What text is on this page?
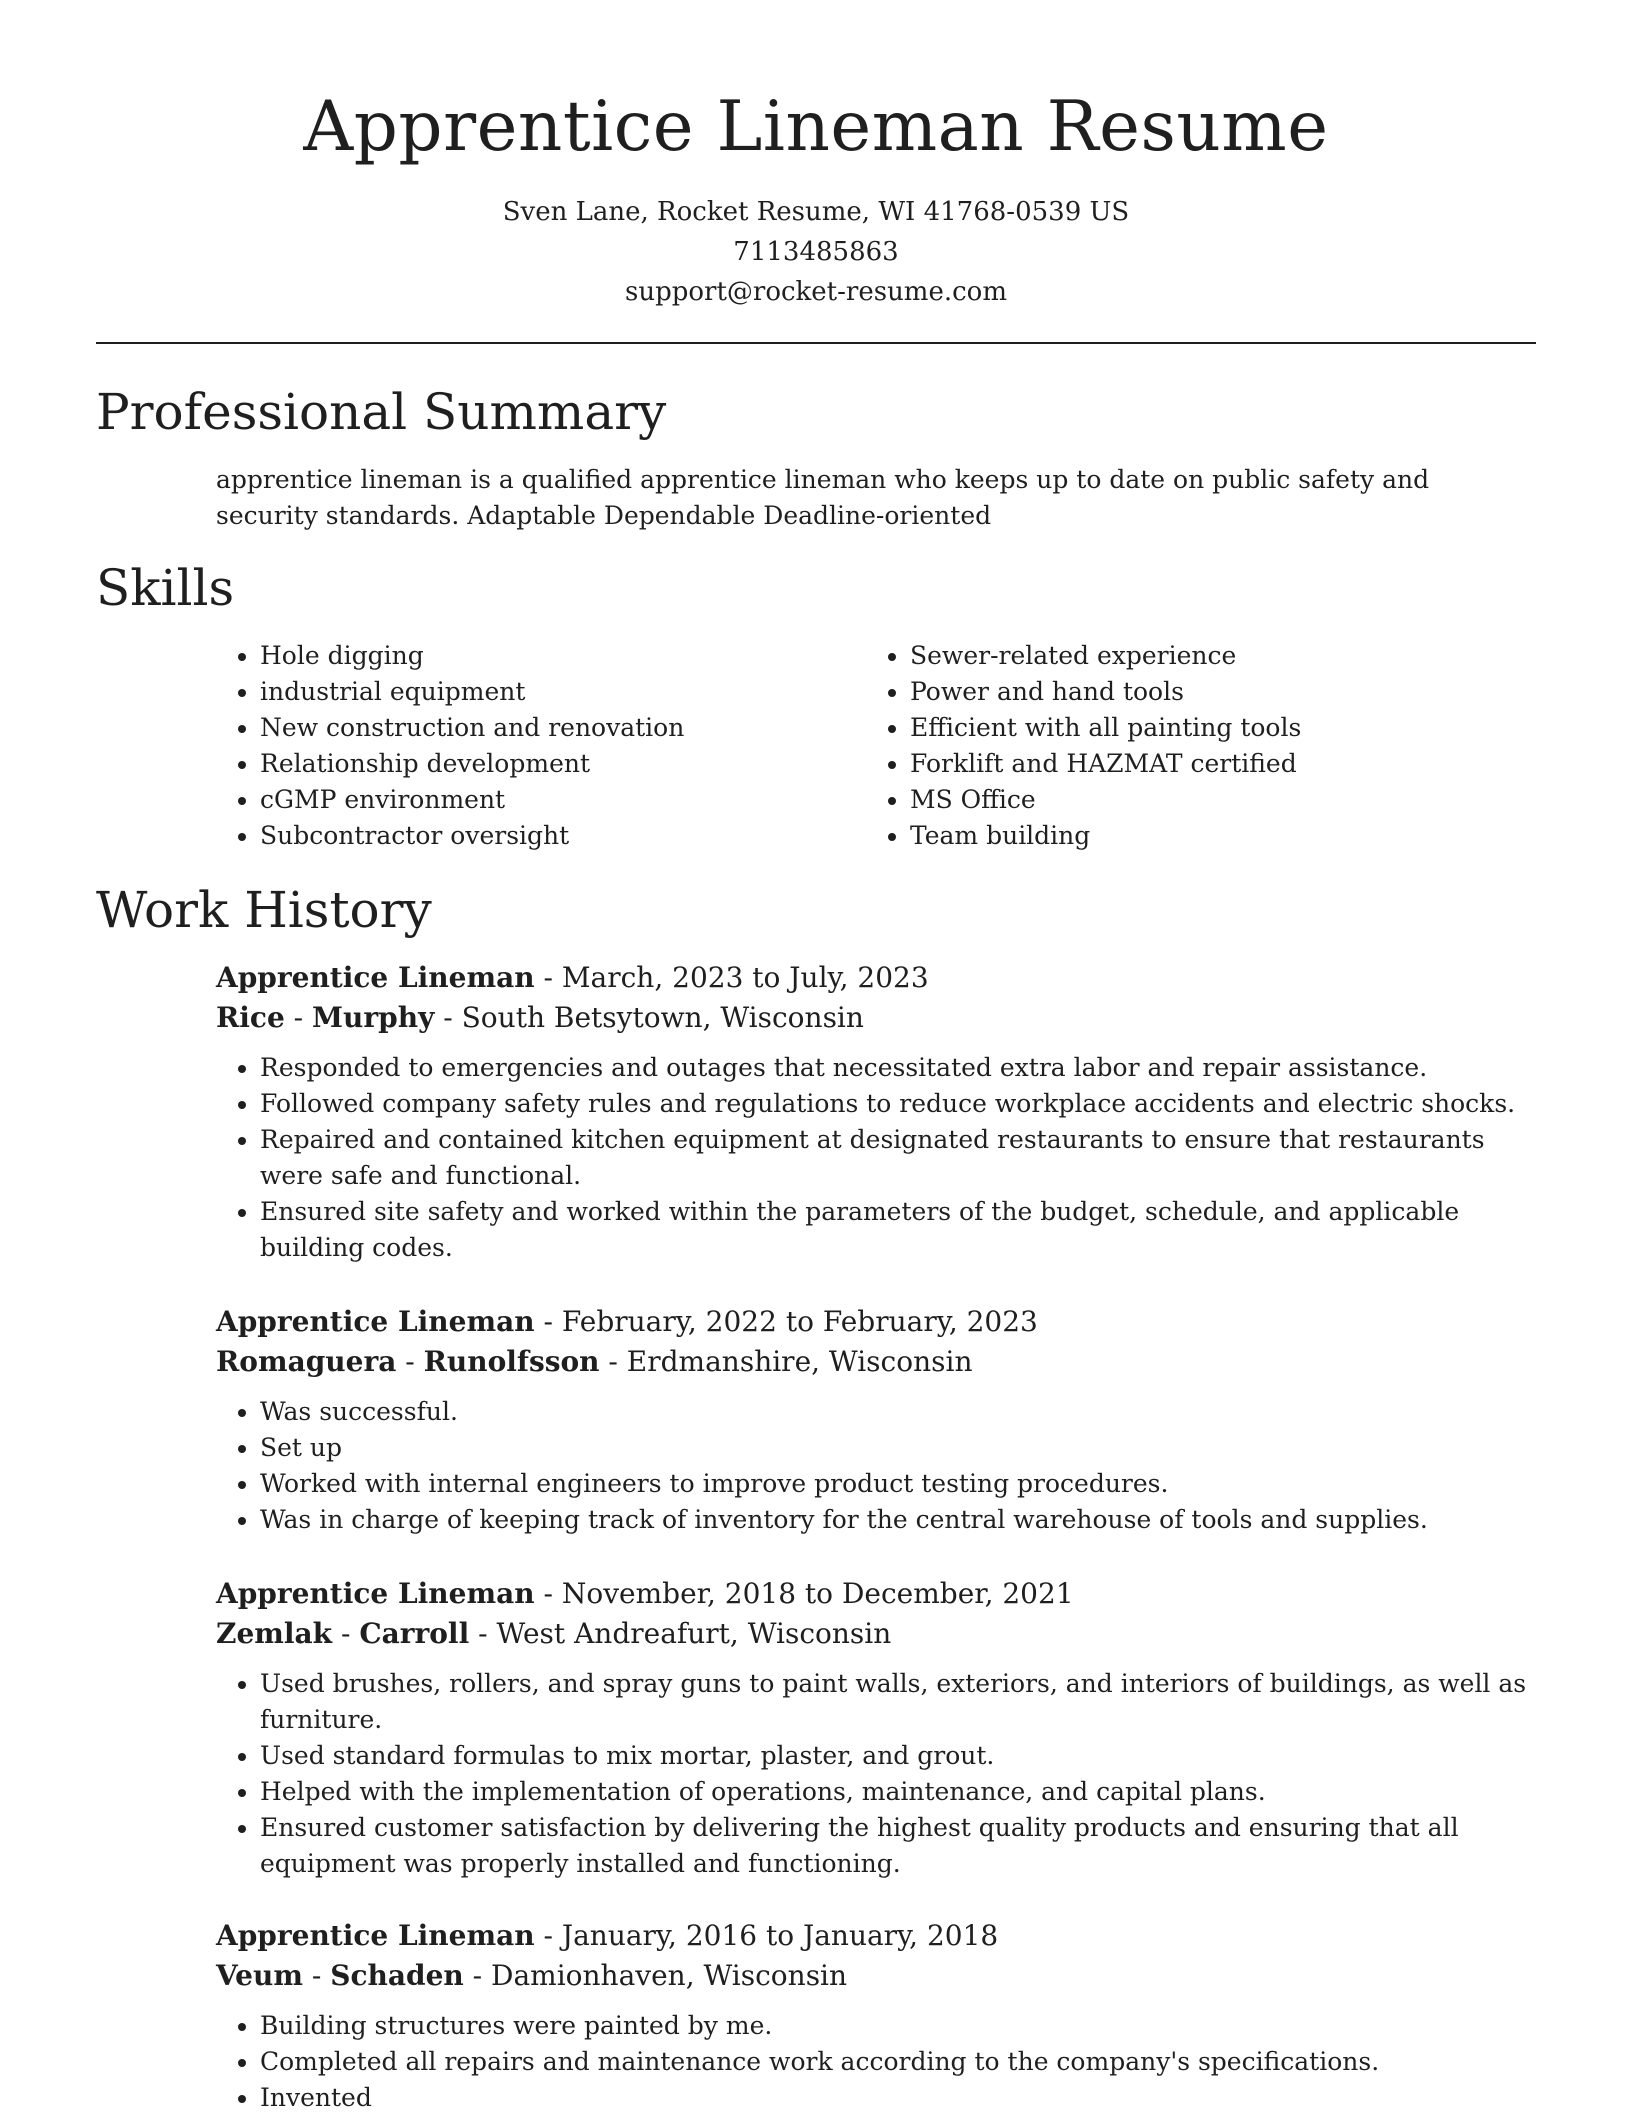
Apprentice Lineman Resume
Sven Lane, Rocket Resume, WI 41768-0539 US
7113485863
support@rocket-resume.com
Professional Summary
apprentice lineman is a qualified apprentice lineman who keeps up to date on public safety and security standards. Adaptable Dependable Deadline-oriented
Skills
• Hole digging
• industrial equipment
• New construction and renovation
• Relationship development
• cGMP environment
• Subcontractor oversight
• Sewer-related experience
• Power and hand tools
• Efficient with all painting tools
• Forklift and HAZMAT certified
• MS Office
• Team building
Work History
Apprentice Lineman - March, 2023 to July, 2023
Rice - Murphy - South Betsytown, Wisconsin
• Responded to emergencies and outages that necessitated extra labor and repair assistance.
• Followed company safety rules and regulations to reduce workplace accidents and electric shocks.
• Repaired and contained kitchen equipment at designated restaurants to ensure that restaurants were safe and functional.
• Ensured site safety and worked within the parameters of the budget, schedule, and applicable building codes.
Apprentice Lineman - February, 2022 to February, 2023
Romaguera - Runolfsson - Erdmanshire, Wisconsin
• Was successful.
• Set up
• Worked with internal engineers to improve product testing procedures.
• Was in charge of keeping track of inventory for the central warehouse of tools and supplies.
Apprentice Lineman - November, 2018 to December, 2021
Zemlak - Carroll - West Andreafurt, Wisconsin
• Used brushes, rollers, and spray guns to paint walls, exteriors, and interiors of buildings, as well as furniture.
• Used standard formulas to mix mortar, plaster, and grout.
• Helped with the implementation of operations, maintenance, and capital plans.
• Ensured customer satisfaction by delivering the highest quality products and ensuring that all equipment was properly installed and functioning.
Apprentice Lineman - January, 2016 to January, 2018
Veum - Schaden - Damionhaven, Wisconsin
• Building structures were painted by me.
• Completed all repairs and maintenance work according to the company's specifications.
• Invented
